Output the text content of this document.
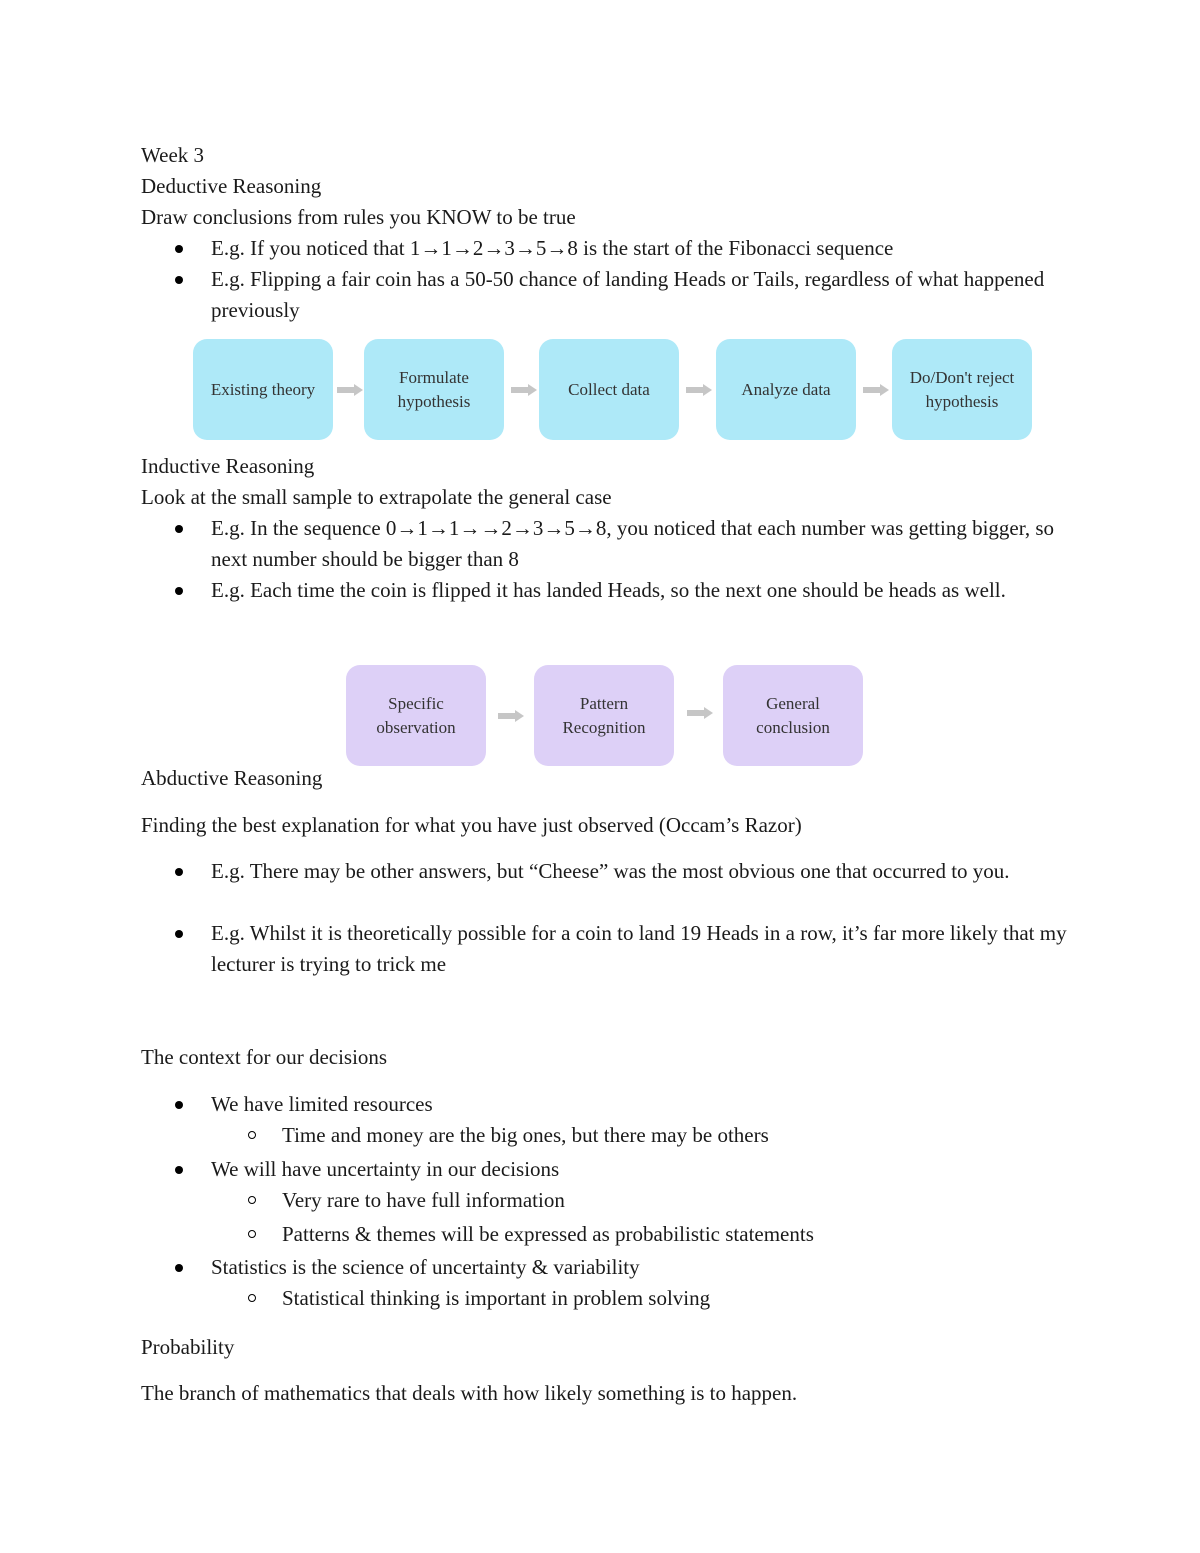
Week 3

Deductive Reasoning

Draw conclusions from rules you KNOW to be true

E.g. If you noticed that 1→1→2→3→5→8 is the start of the Fibonacci sequence
E.g. Flipping a fair coin has a 50-50 chance of landing Heads or Tails, regardless of what happened previously
Existing theory
Formulate hypothesis
Collect data	Analyze data
Do/Don't reject hypothesis

Inductive Reasoning

Look at the small sample to extrapolate the general case

E.g. In the sequence 0→1→1→→2→3→5→8, you noticed that each number was getting bigger, so next number should be bigger than 8
E.g. Each time the coin is flipped it has landed Heads, so the next one should be heads as well.
Specific observation
Pattern Recognition
General conclusion

Abductive Reasoning

Finding the best explanation for what you have just observed (Occam’s Razor)

E.g. There may be other answers, but “Cheese” was the most obvious one that occurred to you.
E.g. Whilst it is theoretically possible for a coin to land 19 Heads in a row, it’s far more likely that my lecturer is trying to trick me

The context for our decisions

We have limited resources
Time and money are the big ones, but there may be others
We will have uncertainty in our decisions
Very rare to have full information
Patterns & themes will be expressed as probabilistic statements
Statistics is the science of uncertainty & variability
Statistical thinking is important in problem solving

Probability

The branch of mathematics that deals with how likely something is to happen.
